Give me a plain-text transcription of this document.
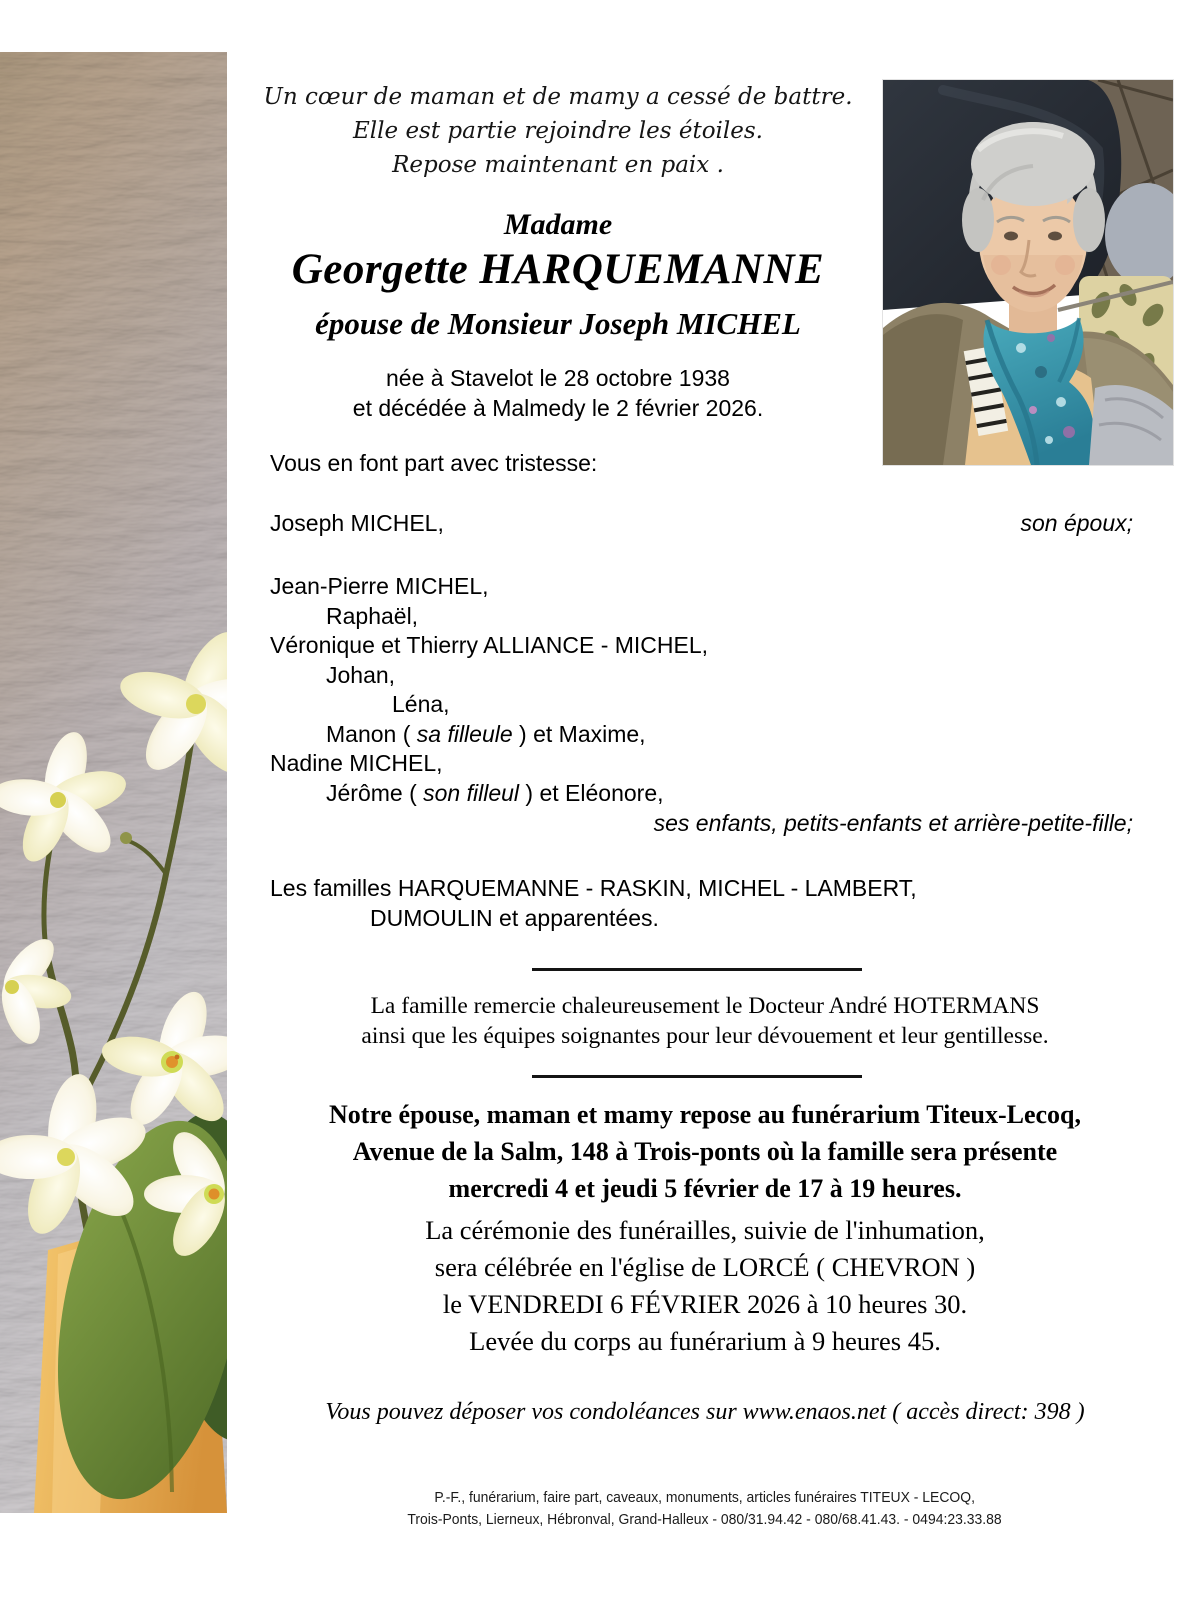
Un cœur de maman et de mamy a cessé de battre.
Elle est partie rejoindre les étoiles.
Repose maintenant en paix .
Madame
Georgette HARQUEMANNE
épouse de Monsieur Joseph MICHEL
née à Stavelot le 28 octobre 1938
et décédée à Malmedy le 2 février 2026.
Vous en font part avec tristesse:
son époux;
Joseph MICHEL,
Jean-Pierre MICHEL,
Raphaël,
Véronique et Thierry ALLIANCE - MICHEL,
Johan,
Léna,
Manon ( sa filleule ) et Maxime,
Nadine MICHEL,
Jérôme ( son filleul ) et Eléonore,
ses enfants, petits-enfants et arrière-petite-fille;
Les familles HARQUEMANNE - RASKIN, MICHEL - LAMBERT,
DUMOULIN et apparentées.
La famille remercie chaleureusement le Docteur André HOTERMANS
ainsi que les équipes soignantes pour leur dévouement et leur gentillesse.
Notre épouse, maman et mamy repose au funérarium Titeux-Lecoq,
Avenue de la Salm, 148 à Trois-ponts où la famille sera présente
mercredi 4 et jeudi 5 février de 17 à 19 heures.
La cérémonie des funérailles, suivie de l'inhumation,
sera célébrée en l'église de LORCÉ ( CHEVRON )
le VENDREDI 6 FÉVRIER 2026 à 10 heures 30.
Levée du corps au funérarium à 9 heures 45.
Vous pouvez déposer vos condoléances sur www.enaos.net ( accès direct: 398 )
P.-F., funérarium, faire part, caveaux, monuments, articles funéraires TITEUX - LECOQ,
Trois-Ponts, Lierneux, Hébronval, Grand-Halleux - 080/31.94.42 - 080/68.41.43. - 0494:23.33.88
